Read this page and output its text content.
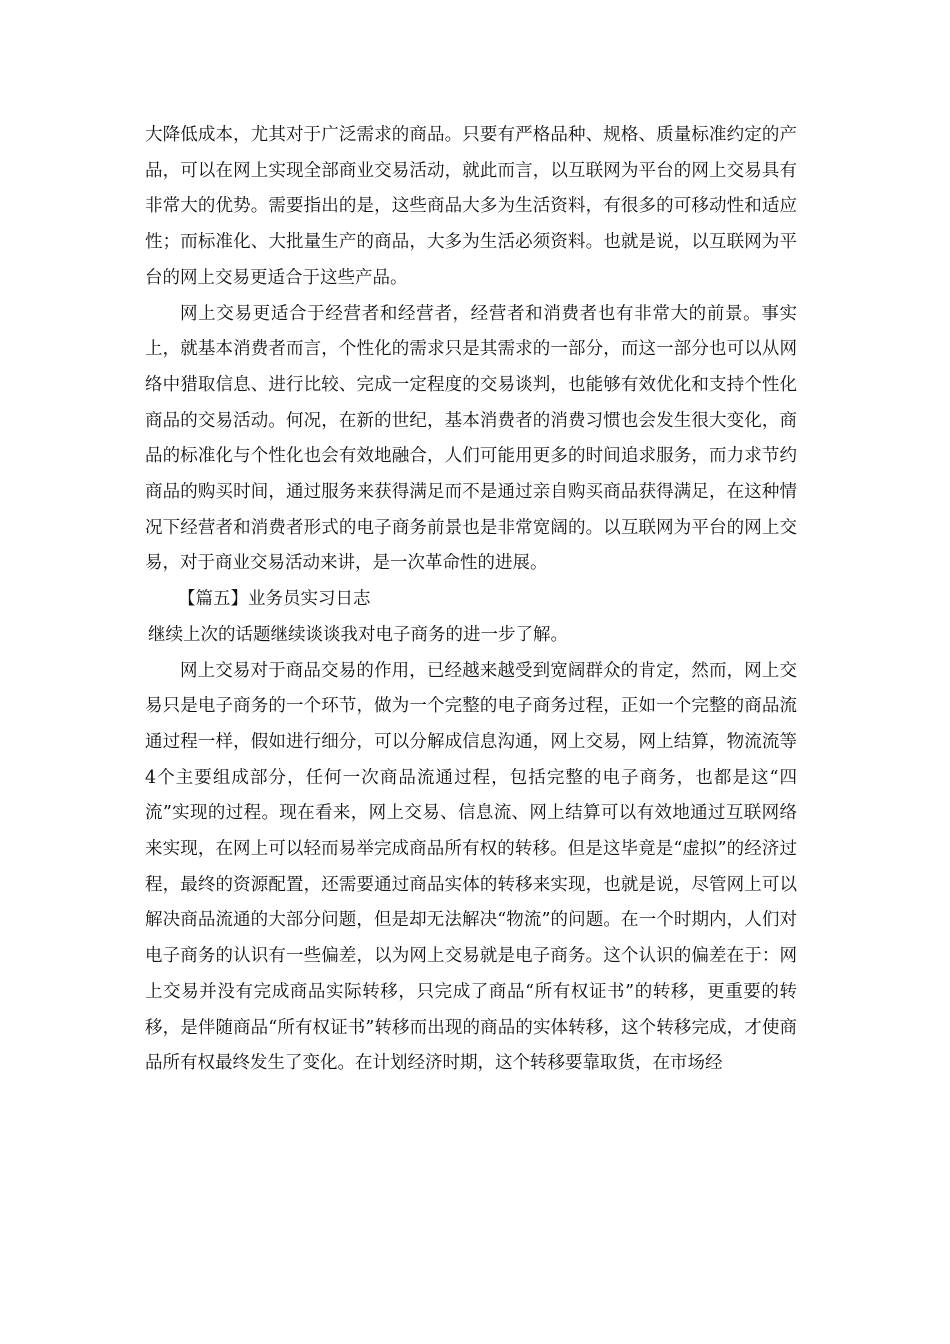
大降低成本，尤其对于广泛需求的商品。只要有严格品种、规格、质量标准约定的产品，可以在网上实现全部商业交易活动，就此而言，以互联网为平台的网上交易具有非常大的优势。需要指出的是，这些商品大多为生活资料，有很多的可移动性和适应性；而标准化、大批量生产的商品，大多为生活必须资料。也就是说，以互联网为平台的网上交易更适合于这些产品。

网上交易更适合于经营者和经营者，经营者和消费者也有非常大的前景。事实上，就基本消费者而言，个性化的需求只是其需求的一部分，而这一部分也可以从网络中猎取信息、进行比较、完成一定程度的交易谈判，也能够有效优化和支持个性化商品的交易活动。何况，在新的世纪，基本消费者的消费习惯也会发生很大变化，商品的标准化与个性化也会有效地融合，人们可能用更多的时间追求服务，而力求节约商品的购买时间，通过服务来获得满足而不是通过亲自购买商品获得满足，在这种情况下经营者和消费者形式的电子商务前景也是非常宽阔的。以互联网为平台的网上交易，对于商业交易活动来讲，是一次革命性的进展。

【篇五】业务员实习日志

继续上次的话题继续谈谈我对电子商务的进一步了解。

网上交易对于商品交易的作用，已经越来越受到宽阔群众的肯定，然而，网上交易只是电子商务的一个环节，做为一个完整的电子商务过程，正如一个完整的商品流通过程一样，假如进行细分，可以分解成信息沟通，网上交易，网上结算，物流流等4个主要组成部分，任何一次商品流通过程，包括完整的电子商务，也都是这“四流”实现的过程。现在看来，网上交易、信息流、网上结算可以有效地通过互联网络来实现，在网上可以轻而易举完成商品所有权的转移。但是这毕竟是“虚拟”的经济过程，最终的资源配置，还需要通过商品实体的转移来实现，也就是说，尽管网上可以解决商品流通的大部分问题，但是却无法解决“物流”的问题。在一个时期内，人们对电子商务的认识有一些偏差，以为网上交易就是电子商务。这个认识的偏差在于：网上交易并没有完成商品实际转移，只完成了商品“所有权证书”的转移，更重要的转移，是伴随商品“所有权证书”转移而出现的商品的实体转移，这个转移完成，才使商品所有权最终发生了变化。在计划经济时期，这个转移要靠取货，在市场经
